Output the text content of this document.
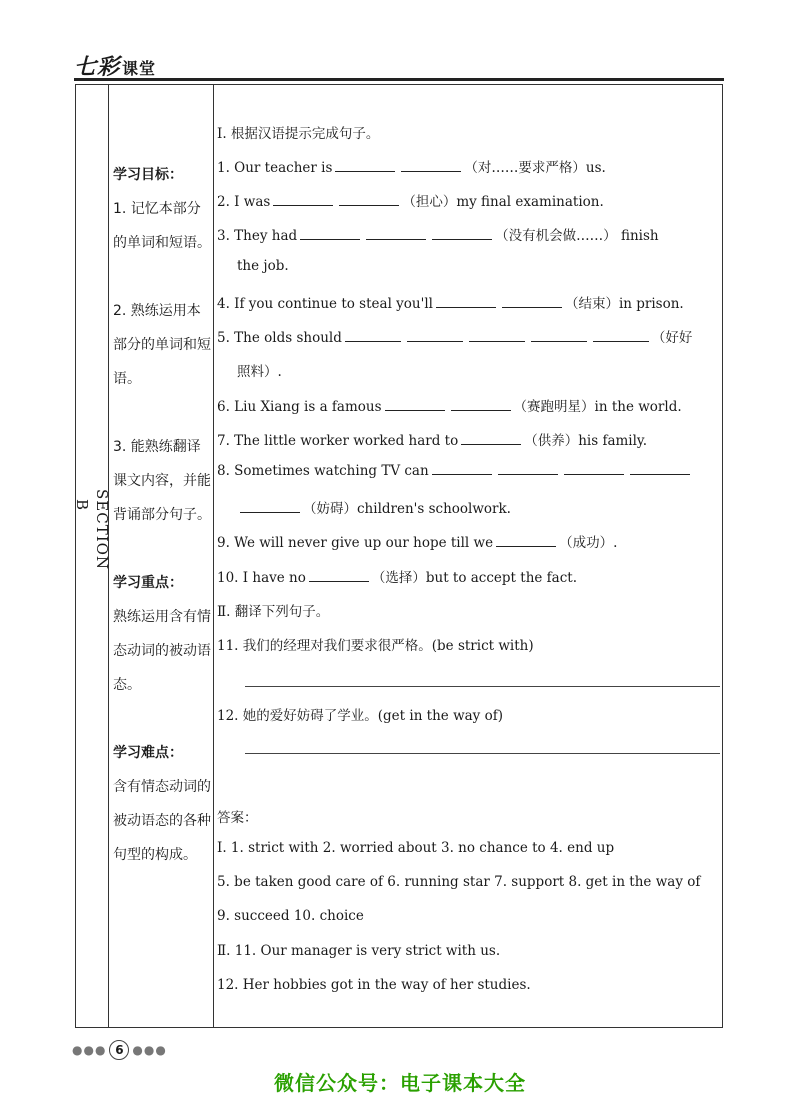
七彩 课堂
SECTION B
学习目标：
1. 记忆本部分的单词和短语。
2. 熟练运用本部分的单词和短语。
3. 能熟练翻译课文内容，并能背诵部分句子。
学习重点：
熟练运用含有情态动词的被动语态。
学习难点：
含有情态动词的被动语态的各种句型的构成。
Ⅰ. 根据汉语提示完成句子。
1. Our teacher is	（对……要求严格）us.
2. I was	（担心）my final examination.
3. They had	（没有机会做……） finish
the job.
4. If you continue to steal you'll	（结束）in prison.
5. The olds should	（好好
照料）.
6. Liu Xiang is a famous	（赛跑明星）in the world.
7. The little worker worked hard to	（供养）his family.
8. Sometimes watching TV can
（妨碍）children's schoolwork.
9. We will never give up our hope till we	（成功）.
10. I have no	（选择）but to accept the fact.
Ⅱ. 翻译下列句子。
11. 我们的经理对我们要求很严格。(be strict with)
12. 她的爱好妨碍了学业。(get in the way of)
答案：
Ⅰ. 1. strict with 2. worried about 3. no chance to 4. end up
5. be taken good care of 6. running star 7. support 8. get in the way of
9. succeed 10. choice
Ⅱ. 11. Our manager is very strict with us.
12. Her hobbies got in the way of her studies.
●●● 6 ●●●
微信公众号：电子课本大全
